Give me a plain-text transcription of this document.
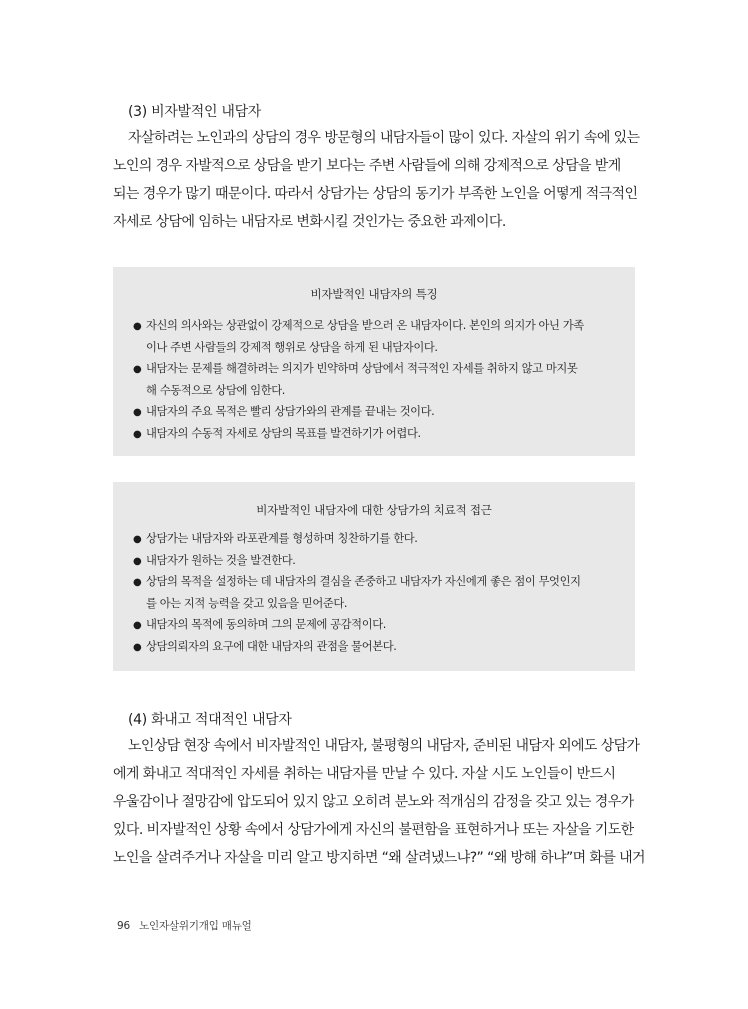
(3) 비자발적인 내담자
자살하려는 노인과의 상담의 경우 방문형의 내담자들이 많이 있다. 자살의 위기 속에 있는
노인의 경우 자발적으로 상담을 받기 보다는 주변 사람들에 의해 강제적으로 상담을 받게
되는 경우가 많기 때문이다. 따라서 상담가는 상담의 동기가 부족한 노인을 어떻게 적극적인
자세로 상담에 임하는 내담자로 변화시킬 것인가는 중요한 과제이다.
비자발적인 내담자의 특징
● 자신의 의사와는 상관없이 강제적으로 상담을 받으러 온 내담자이다. 본인의 의지가 아닌 가족
이나 주변 사람들의 강제적 행위로 상담을 하게 된 내담자이다.
● 내담자는 문제를 해결하려는 의지가 빈약하며 상담에서 적극적인 자세를 취하지 않고 마지못
해 수동적으로 상담에 임한다.
● 내담자의 주요 목적은 빨리 상담가와의 관계를 끝내는 것이다.
● 내담자의 수동적 자세로 상담의 목표를 발견하기가 어렵다.
비자발적인 내담자에 대한 상담가의 치료적 접근
● 상담가는 내담자와 라포관계를 형성하며 칭찬하기를 한다.
● 내담자가 원하는 것을 발견한다.
● 상담의 목적을 설정하는 데 내담자의 결심을 존중하고 내담자가 자신에게 좋은 점이 무엇인지
를 아는 지적 능력을 갖고 있음을 믿어준다.
● 내담자의 목적에 동의하며 그의 문제에 공감적이다.
● 상담의뢰자의 요구에 대한 내담자의 관점을 물어본다.
(4) 화내고 적대적인 내담자
노인상담 현장 속에서 비자발적인 내담자, 불평형의 내담자, 준비된 내담자 외에도 상담가
에게 화내고 적대적인 자세를 취하는 내담자를 만날 수 있다. 자살 시도 노인들이 반드시
우울감이나 절망감에 압도되어 있지 않고 오히려 분노와 적개심의 감정을 갖고 있는 경우가
있다. 비자발적인 상황 속에서 상담가에게 자신의 불편함을 표현하거나 또는 자살을 기도한
노인을 살려주거나 자살을 미리 알고 방지하면 “왜 살려냈느냐?” “왜 방해 하냐”며 화를 내거
96 노인자살위기개입 매뉴얼
